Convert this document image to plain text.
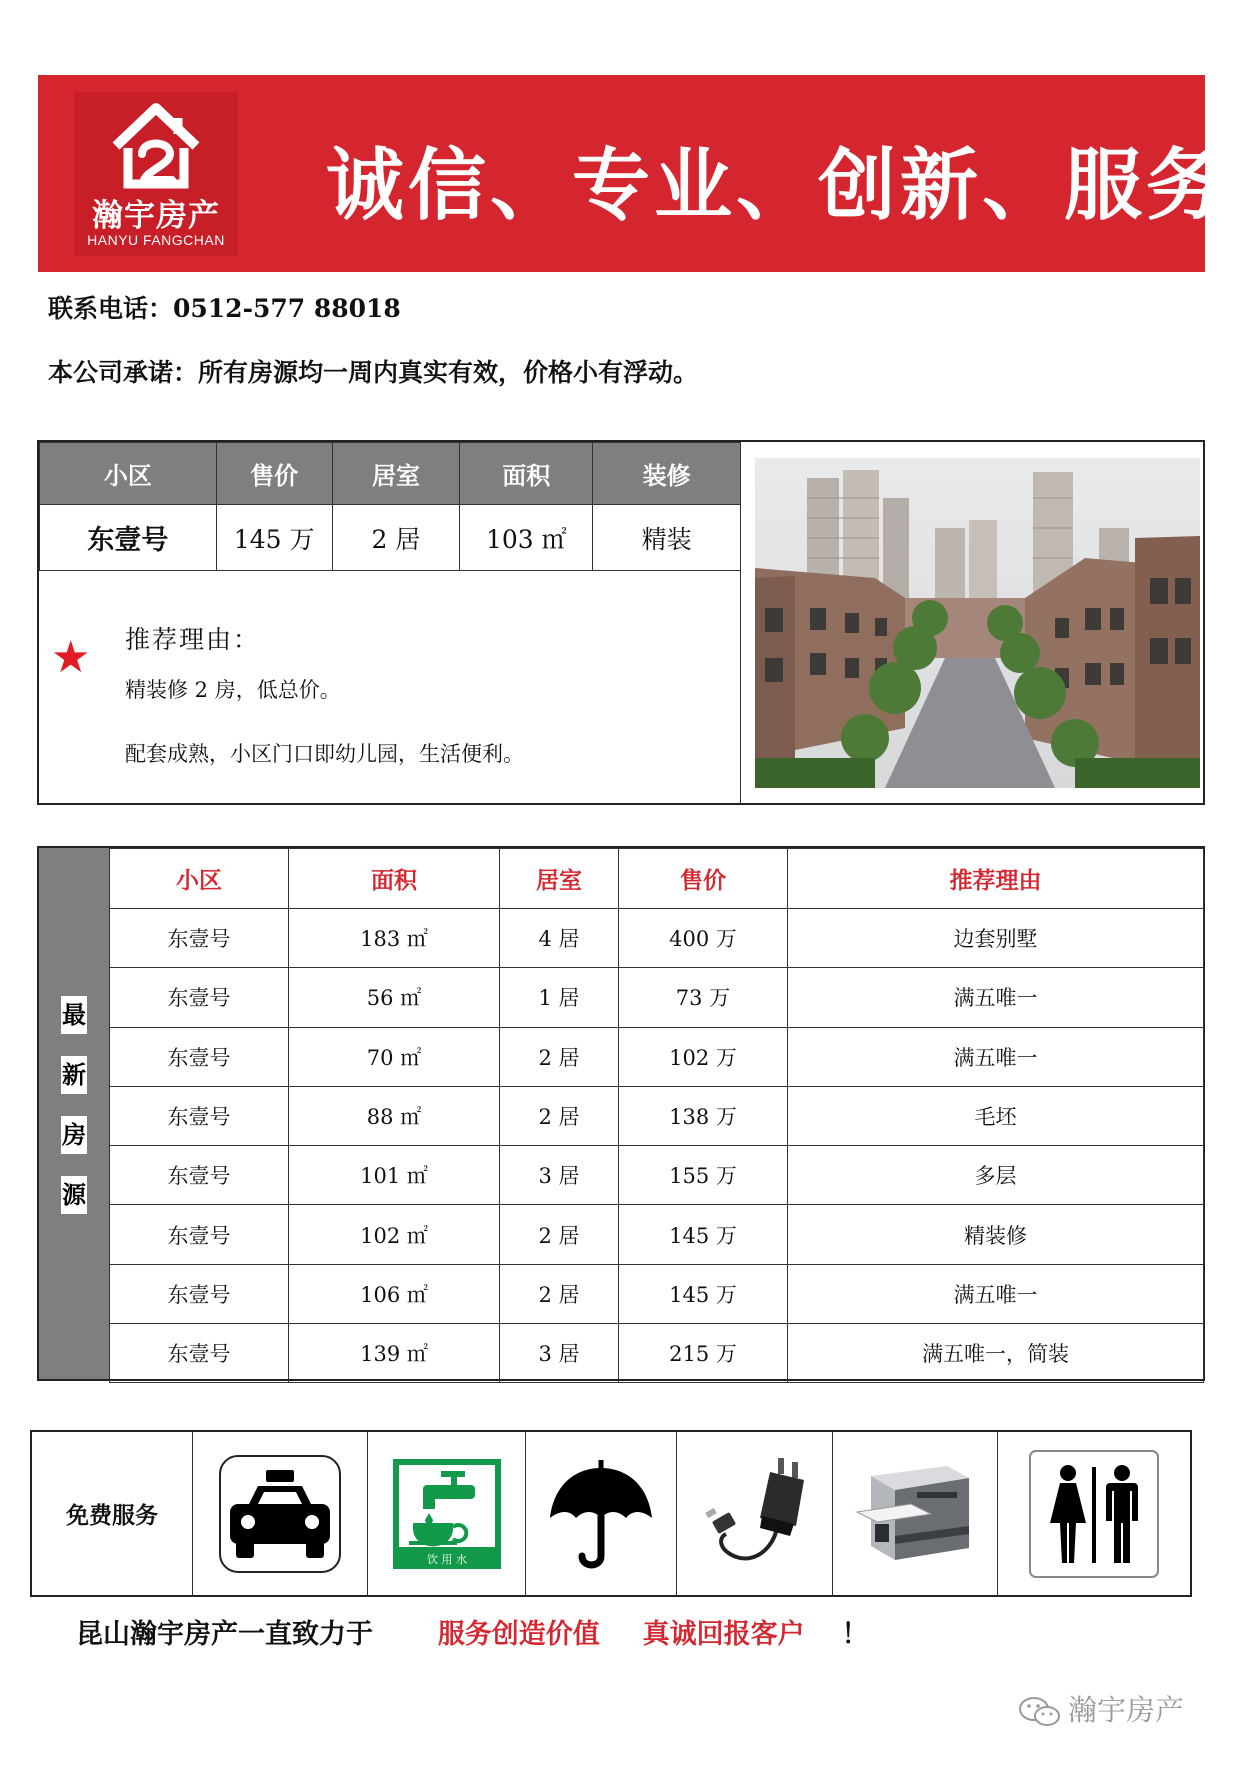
瀚宇房产
HANYU FANGCHAN
诚信、专业、创新、服务
联系电话：0512-577 88018
本公司承诺：所有房源均一周内真实有效，价格小有浮动。
小区	售价	居室	面积	装修
东壹号	145 万	2 居	103 ㎡	精装
★ 推荐理由：
精装修 2 房，低总价。
配套成熟，小区门口即幼儿园，生活便利。
最
新
房
源
小区	面积	居室	售价	推荐理由
东壹号	183 ㎡	4 居	400 万	边套别墅
东壹号	56 ㎡	1 居	73 万	满五唯一
东壹号	70 ㎡	2 居	102 万	满五唯一
东壹号	88 ㎡	2 居	138 万	毛坯
东壹号	101 ㎡	3 居	155 万	多层
东壹号	102 ㎡	2 居	145 万	精装修
东壹号	106 ㎡	2 居	145 万	满五唯一
东壹号	139 ㎡	3 居	215 万	满五唯一，简装
免费服务
饮 用 水
昆山瀚宇房产一直致力于 服务创造价值 真诚回报客户 ！
瀚宇房产
